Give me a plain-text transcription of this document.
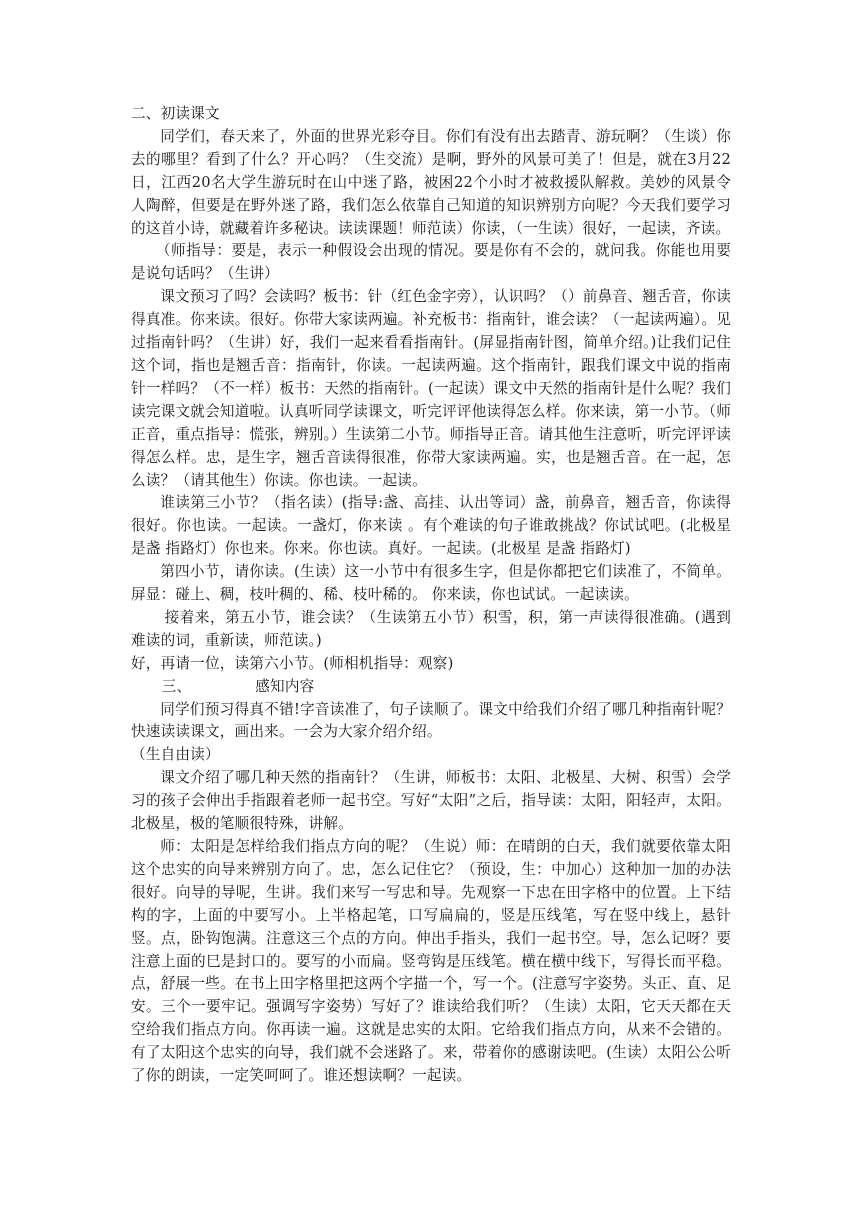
二、初读课文

同学们，春天来了，外面的世界光彩夺目。你们有没有出去踏青、游玩啊？（生谈）你去的哪里？看到了什么？开心吗？（生交流）是啊，野外的风景可美了！但是，就在3月22日，江西20名大学生游玩时在山中迷了路，被困22个小时才被救援队解救。美妙的风景令人陶醉，但要是在野外迷了路，我们怎么依靠自己知道的知识辨别方向呢？今天我们要学习的这首小诗，就藏着许多秘诀。读读课题！师范读）你读，（一生读）很好，一起读，齐读。

（师指导：要是，表示一种假设会出现的情况。要是你有不会的，就问我。你能也用要是说句话吗？（生讲）

课文预习了吗？会读吗？板书：针（红色金字旁），认识吗？（）前鼻音、翘舌音，你读得真准。你来读。很好。你带大家读两遍。补充板书：指南针，谁会读？（一起读两遍）。见过指南针吗？（生讲）好，我们一起来看看指南针。(屏显指南针图，简单介绍。)让我们记住这个词，指也是翘舌音：指南针，你读。一起读两遍。这个指南针，跟我们课文中说的指南针一样吗？（不一样）板书：天然的指南针。(一起读）课文中天然的指南针是什么呢？我们读完课文就会知道啦。认真听同学读课文，听完评评他读得怎么样。你来读，第一小节。（师正音，重点指导：慌张，辨别。）生读第二小节。师指导正音。请其他生注意听，听完评评读得怎么样。忠，是生字，翘舌音读得很准，你带大家读两遍。实，也是翘舌音。在一起，怎么读？（请其他生）你读。你也读。一起读。

谁读第三小节？（指名读）(指导:盏、高挂、认出等词）盏，前鼻音，翘舌音，你读得很好。你也读。一起读。一盏灯，你来读 。有个难读的句子谁敢挑战？你试试吧。(北极星是盏 指路灯）你也来。你来。你也读。真好。一起读。(北极星 是盏 指路灯)

第四小节，请你读。(生读）这一小节中有很多生字，但是你都把它们读准了，不简单。屏显：碰上、稠，枝叶稠的、稀、枝叶稀的。 你来读，你也试试。一起读读。

接着来，第五小节，谁会读？（生读第五小节）积雪，积，第一声读得很准确。(遇到难读的词，重新读，师范读。)

好，再请一位，读第六小节。(师相机指导：观察)

三、	感知内容

同学们预习得真不错!字音读准了，句子读顺了。课文中给我们介绍了哪几种指南针呢？快速读读课文，画出来。一会为大家介绍介绍。

（生自由读）

课文介绍了哪几种天然的指南针？（生讲，师板书：太阳、北极星、大树、积雪）会学习的孩子会伸出手指跟着老师一起书空。写好“太阳”之后，指导读：太阳，阳轻声，太阳。北极星，极的笔顺很特殊，讲解。

师：太阳是怎样给我们指点方向的呢？（生说）师：在晴朗的白天，我们就要依靠太阳这个忠实的向导来辨别方向了。忠，怎么记住它？（预设，生：中加心）这种加一加的办法很好。向导的导呢，生讲。我们来写一写忠和导。先观察一下忠在田字格中的位置。上下结构的字，上面的中要写小。上半格起笔，口写扁扁的，竖是压线笔，写在竖中线上，悬针竖。点，卧钩饱满。注意这三个点的方向。伸出手指头，我们一起书空。导，怎么记呀？要注意上面的巳是封口的。要写的小而扁。竖弯钩是压线笔。横在横中线下，写得长而平稳。点，舒展一些。在书上田字格里把这两个字描一个，写一个。(注意写字姿势。头正、直、足安。三个一要牢记。强调写字姿势）写好了？谁读给我们听？（生读）太阳，它天天都在天空给我们指点方向。你再读一遍。这就是忠实的太阳。它给我们指点方向，从来不会错的。有了太阳这个忠实的向导，我们就不会迷路了。来，带着你的感谢读吧。(生读）太阳公公听了你的朗读，一定笑呵呵了。谁还想读啊？一起读。
